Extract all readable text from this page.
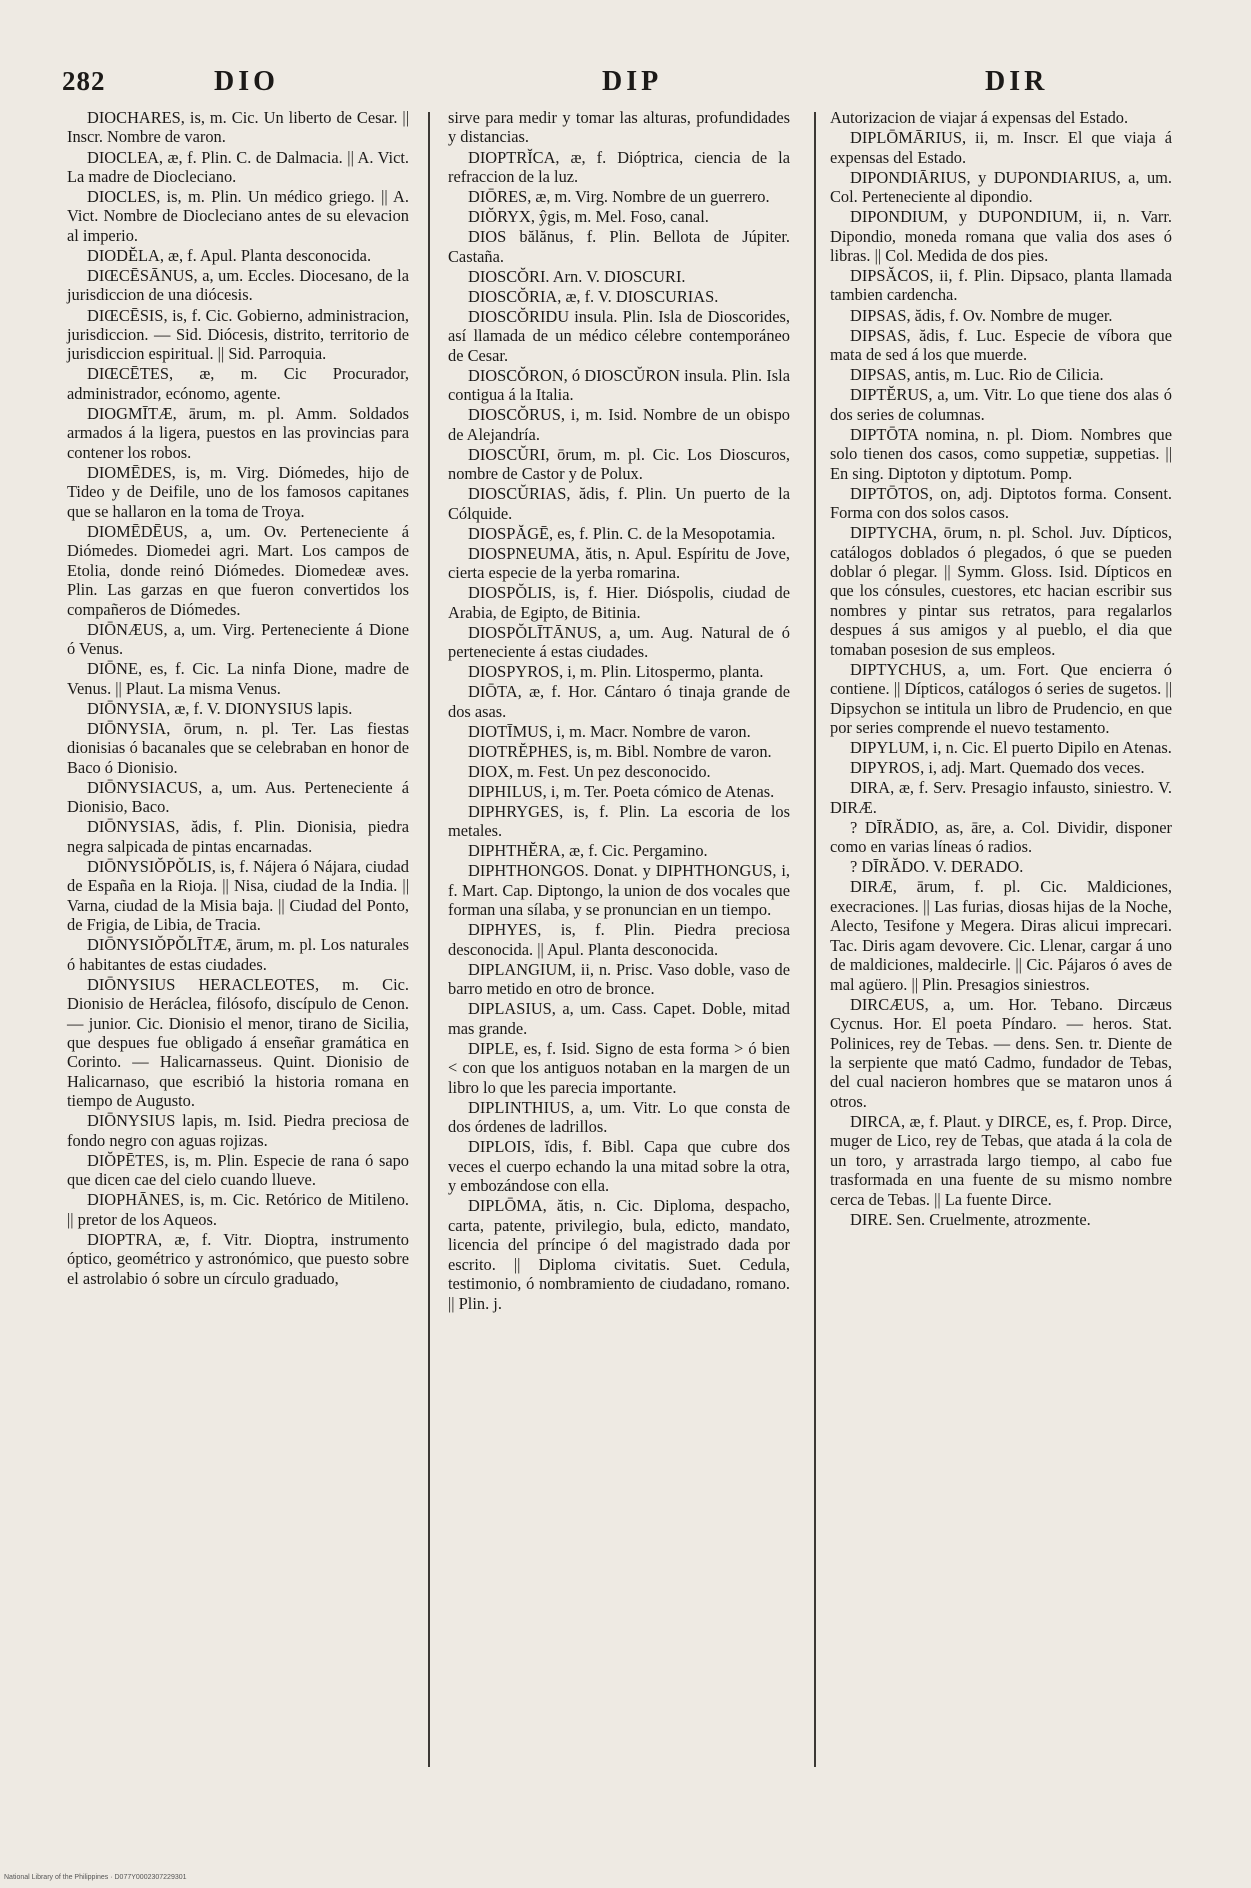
282	DIO	DIP	DIR

DIOCHARES, is, m. Cic. Un liberto de Cesar. || Inscr. Nombre de varon.

DIOCLEA, æ, f. Plin. C. de Dalmacia. || A. Vict. La madre de Diocleciano.

DIOCLES, is, m. Plin. Un médico griego. || A. Vict. Nombre de Diocleciano antes de su elevacion al imperio.

DIODĔLA, æ, f. Apul. Planta desconocida.

DIŒCĒSĀNUS, a, um. Eccles. Diocesano, de la jurisdiccion de una diócesis.

DIŒCĒSIS, is, f. Cic. Gobierno, administracion, jurisdiccion. — Sid. Diócesis, distrito, territorio de jurisdiccion espiritual. || Sid. Parroquia.

DIŒCĒTES, æ, m. Cic Procurador, administrador, ecónomo, agente.

DIOGMĪTÆ, ārum, m. pl. Amm. Soldados armados á la ligera, puestos en las provincias para contener los robos.

DIOMĒDES, is, m. Virg. Diómedes, hijo de Tideo y de Deifile, uno de los famosos capitanes que se hallaron en la toma de Troya.

DIOMĒDĒUS, a, um. Ov. Perteneciente á Diómedes. Diomedei agri. Mart. Los campos de Etolia, donde reinó Diómedes. Diomedeæ aves. Plin. Las garzas en que fueron convertidos los compañeros de Diómedes.

DIŌNÆUS, a, um. Virg. Perteneciente á Dione ó Venus.

DIŌNE, es, f. Cic. La ninfa Dione, madre de Venus. || Plaut. La misma Venus.

DIŌNYSIA, æ, f. V. DIONYSIUS lapis.

DIŌNYSIA, ōrum, n. pl. Ter. Las fiestas dionisias ó bacanales que se celebraban en honor de Baco ó Dionisio.

DIŌNYSIACUS, a, um. Aus. Perteneciente á Dionisio, Baco.

DIŌNYSIAS, ădis, f. Plin. Dionisia, piedra negra salpicada de pintas encarnadas.

DIŌNYSIŎPŎLIS, is, f. Nájera ó Nájara, ciudad de España en la Rioja. || Nisa, ciudad de la India. || Varna, ciudad de la Misia baja. || Ciudad del Ponto, de Frigia, de Libia, de Tracia.

DIŌNYSIŎPŎLĪTÆ, ārum, m. pl. Los naturales ó habitantes de estas ciudades.

DIŌNYSIUS HERACLEOTES, m. Cic. Dionisio de Heráclea, filósofo, discípulo de Cenon. — junior. Cic. Dionisio el menor, tirano de Sicilia, que despues fue obligado á enseñar gramática en Corinto. — Halicarnasseus. Quint. Dionisio de Halicarnaso, que escribió la historia romana en tiempo de Augusto.

DIŌNYSIUS lapis, m. Isid. Piedra preciosa de fondo negro con aguas rojizas.

DIŎPĒTES, is, m. Plin. Especie de rana ó sapo que dicen cae del cielo cuando llueve.

DIOPHĀNES, is, m. Cic. Retórico de Mitileno. || pretor de los Aqueos.

DIOPTRA, æ, f. Vitr. Dioptra, instrumento óptico, geométrico y astronómico, que puesto sobre el astrolabio ó sobre un círculo graduado,

sirve para medir y tomar las alturas, profundidades y distancias.

DIOPTRĬCA, æ, f. Dióptrica, ciencia de la refraccion de la luz.

DIŌRES, æ, m. Virg. Nombre de un guerrero.

DIŎRYX, ŷgis, m. Mel. Foso, canal.

DIOS bălănus, f. Plin. Bellota de Júpiter. Castaña.

DIOSCŎRI. Arn. V. DIOSCURI.

DIOSCŎRIA, æ, f. V. DIOSCURIAS.

DIOSCŎRIDU insula. Plin. Isla de Dioscorides, así llamada de un médico célebre contemporáneo de Cesar.

DIOSCŎRON, ó DIOSCŬRON insula. Plin. Isla contigua á la Italia.

DIOSCŎRUS, i, m. Isid. Nombre de un obispo de Alejandría.

DIOSCŬRI, ōrum, m. pl. Cic. Los Dioscuros, nombre de Castor y de Polux.

DIOSCŬRIAS, ădis, f. Plin. Un puerto de la Cólquide.

DIOSPĂGĒ, es, f. Plin. C. de la Mesopotamia.

DIOSPNEUMA, ătis, n. Apul. Espíritu de Jove, cierta especie de la yerba romarina.

DIOSPŎLIS, is, f. Hier. Dióspolis, ciudad de Arabia, de Egipto, de Bitinia.

DIOSPŎLĪTĀNUS, a, um. Aug. Natural de ó perteneciente á estas ciudades.

DIOSPYROS, i, m. Plin. Litospermo, planta.

DIŌTA, æ, f. Hor. Cántaro ó tinaja grande de dos asas.

DIOTĪMUS, i, m. Macr. Nombre de varon.

DIOTRĔPHES, is, m. Bibl. Nombre de varon.

DIOX, m. Fest. Un pez desconocido.

DIPHILUS, i, m. Ter. Poeta cómico de Atenas.

DIPHRYGES, is, f. Plin. La escoria de los metales.

DIPHTHĔRA, æ, f. Cic. Pergamino.

DIPHTHONGOS. Donat. y DIPHTHONGUS, i, f. Mart. Cap. Diptongo, la union de dos vocales que forman una sílaba, y se pronuncian en un tiempo.

DIPHYES, is, f. Plin. Piedra preciosa desconocida. || Apul. Planta desconocida.

DIPLANGIUM, ii, n. Prisc. Vaso doble, vaso de barro metido en otro de bronce.

DIPLASIUS, a, um. Cass. Capet. Doble, mitad mas grande.

DIPLE, es, f. Isid. Signo de esta forma > ó bien < con que los antiguos notaban en la margen de un libro lo que les parecia importante.

DIPLINTHIUS, a, um. Vitr. Lo que consta de dos órdenes de ladrillos.

DIPLOIS, ĭdis, f. Bibl. Capa que cubre dos veces el cuerpo echando la una mitad sobre la otra, y embozándose con ella.

DIPLŌMA, ătis, n. Cic. Diploma, despacho, carta, patente, privilegio, bula, edicto, mandato, licencia del príncipe ó del magistrado dada por escrito. || Diploma civitatis. Suet. Cedula, testimonio, ó nombramiento de ciudadano, romano. || Plin. j.

Autorizacion de viajar á expensas del Estado.

DIPLŌMĀRIUS, ii, m. Inscr. El que viaja á expensas del Estado.

DIPONDIĀRIUS, y DUPONDIARIUS, a, um. Col. Perteneciente al dipondio.

DIPONDIUM, y DUPONDIUM, ii, n. Varr. Dipondio, moneda romana que valia dos ases ó libras. || Col. Medida de dos pies.

DIPSĂCOS, ii, f. Plin. Dipsaco, planta llamada tambien cardencha.

DIPSAS, ădis, f. Ov. Nombre de muger.

DIPSAS, ădis, f. Luc. Especie de víbora que mata de sed á los que muerde.

DIPSAS, antis, m. Luc. Rio de Cilicia.

DIPTĔRUS, a, um. Vitr. Lo que tiene dos alas ó dos series de columnas.

DIPTŌTA nomina, n. pl. Diom. Nombres que solo tienen dos casos, como suppetiæ, suppetias. || En sing. Diptoton y diptotum. Pomp.

DIPTŌTOS, on, adj. Diptotos forma. Consent. Forma con dos solos casos.

DIPTYCHA, ōrum, n. pl. Schol. Juv. Dípticos, catálogos doblados ó plegados, ó que se pueden doblar ó plegar. || Symm. Gloss. Isid. Dípticos en que los cónsules, cuestores, etc hacian escribir sus nombres y pintar sus retratos, para regalarlos despues á sus amigos y al pueblo, el dia que tomaban posesion de sus empleos.

DIPTYCHUS, a, um. Fort. Que encierra ó contiene. || Dípticos, catálogos ó series de sugetos. || Dipsychon se intitula un libro de Prudencio, en que por series comprende el nuevo testamento.

DIPYLUM, i, n. Cic. El puerto Dipilo en Atenas.

DIPYROS, i, adj. Mart. Quemado dos veces.

DIRA, æ, f. Serv. Presagio infausto, siniestro. V. DIRÆ.

? DĪRĂDIO, as, āre, a. Col. Dividir, disponer como en varias líneas ó radios.

? DĪRĂDO. V. DERADO.

DIRÆ, ārum, f. pl. Cic. Maldiciones, execraciones. || Las furias, diosas hijas de la Noche, Alecto, Tesifone y Megera. Diras alicui imprecari. Tac. Diris agam devovere. Cic. Llenar, cargar á uno de maldiciones, maldecirle. || Cic. Pájaros ó aves de mal agüero. || Plin. Presagios siniestros.

DIRCÆUS, a, um. Hor. Tebano. Dircæus Cycnus. Hor. El poeta Píndaro. — heros. Stat. Polinices, rey de Tebas. — dens. Sen. tr. Diente de la serpiente que mató Cadmo, fundador de Tebas, del cual nacieron hombres que se mataron unos á otros.

DIRCA, æ, f. Plaut. y DIRCE, es, f. Prop. Dirce, muger de Lico, rey de Tebas, que atada á la cola de un toro, y arrastrada largo tiempo, al cabo fue trasformada en una fuente de su mismo nombre cerca de Tebas. || La fuente Dirce.

DIRE. Sen. Cruelmente, atrozmente.

National Library of the Philippines · D077Y0002307229301
